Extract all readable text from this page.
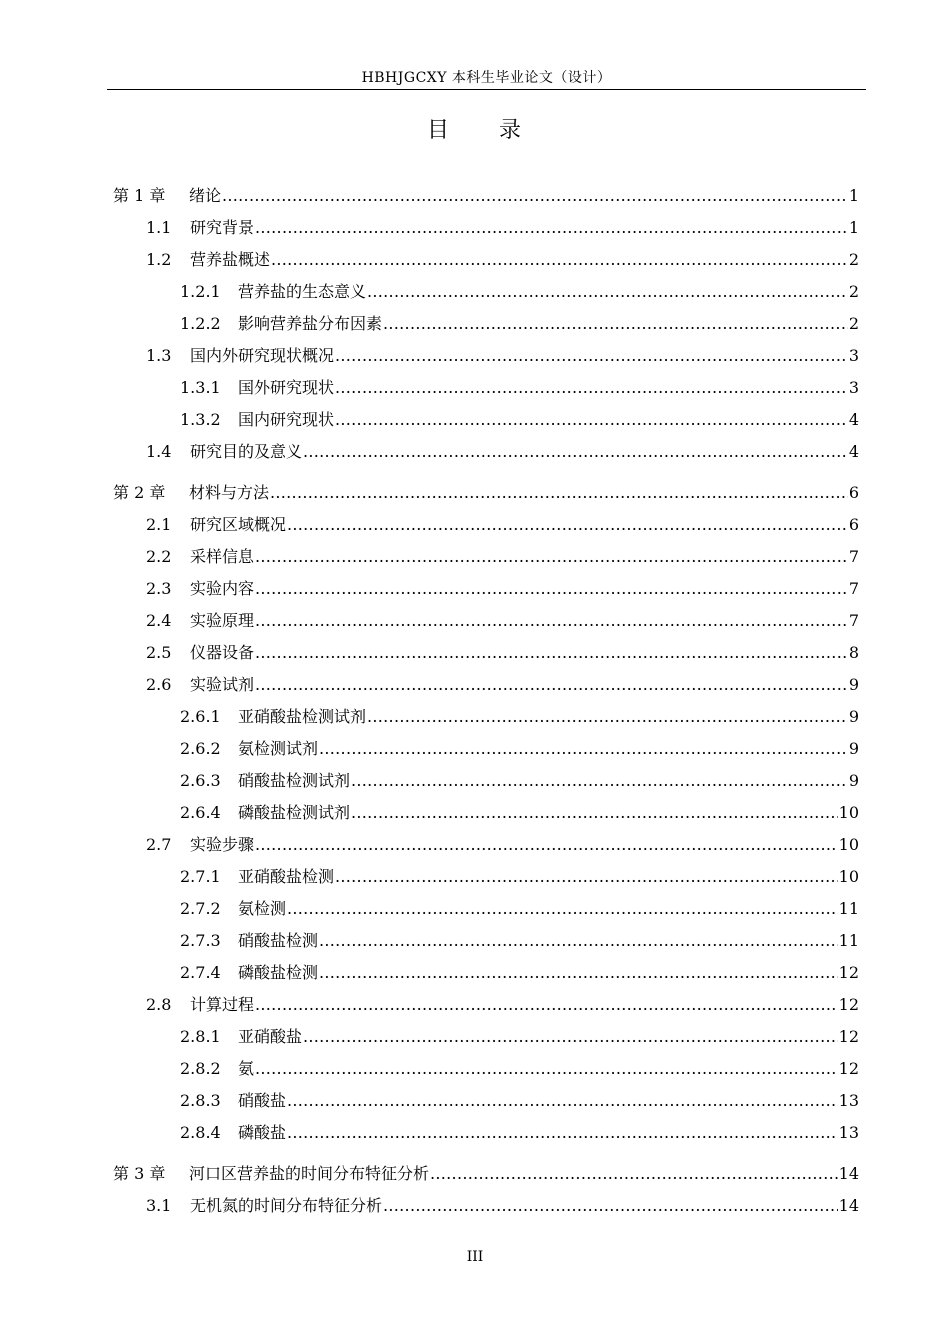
HBHJGCXY 本科生毕业论文（设计）
目　　录
第 1 章	绪论 .....	1
1.1	研究背景 .....	1
1.2	营养盐概述 .....	2
1.2.1	营养盐的生态意义 .....	2
1.2.2	影响营养盐分布因素 .....	2
1.3	国内外研究现状概况 .....	3
1.3.1	国外研究现状 .....	3
1.3.2	国内研究现状 .....	4
1.4	研究目的及意义 .....	4
第 2 章	材料与方法 .....	6
2.1	研究区域概况 .....	6
2.2	采样信息 .....	7
2.3	实验内容 .....	7
2.4	实验原理 .....	7
2.5	仪器设备 .....	8
2.6	实验试剂 .....	9
2.6.1	亚硝酸盐检测试剂 .....	9
2.6.2	氨检测试剂 .....	9
2.6.3	硝酸盐检测试剂 .....	9
2.6.4	磷酸盐检测试剂 .....	10
2.7	实验步骤 .....	10
2.7.1	亚硝酸盐检测 .....	10
2.7.2	氨检测 .....	11
2.7.3	硝酸盐检测 .....	11
2.7.4	磷酸盐检测 .....	12
2.8	计算过程 .....	12
2.8.1	亚硝酸盐 .....	12
2.8.2	氨 .....	12
2.8.3	硝酸盐 .....	13
2.8.4	磷酸盐 .....	13
第 3 章	河口区营养盐的时间分布特征分析 .....	14
3.1	无机氮的时间分布特征分析 .....	14
III
